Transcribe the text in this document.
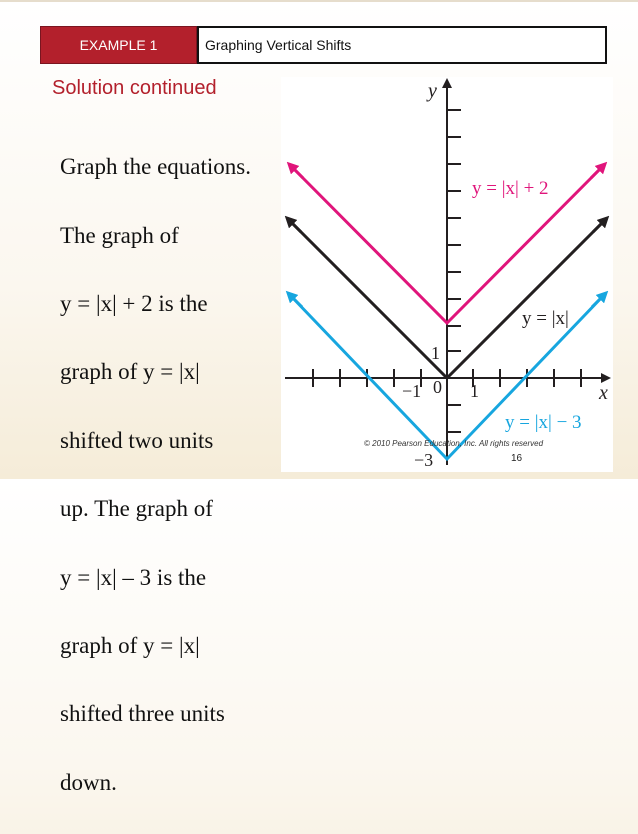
EXAMPLE 1	Graphing Vertical Shifts
Solution continued

Graph the equations.

The graph of

y = |x| + 2 is the

graph of y = |x|

shifted two units

up. The graph of

y = |x| – 3 is the

graph of y = |x|

shifted three units

down.

y
x
−1 0 1
1
−3
y = |x| + 2
y = |x|
y = |x| − 3
© 2010 Pearson Education, Inc. All rights reserved
16
